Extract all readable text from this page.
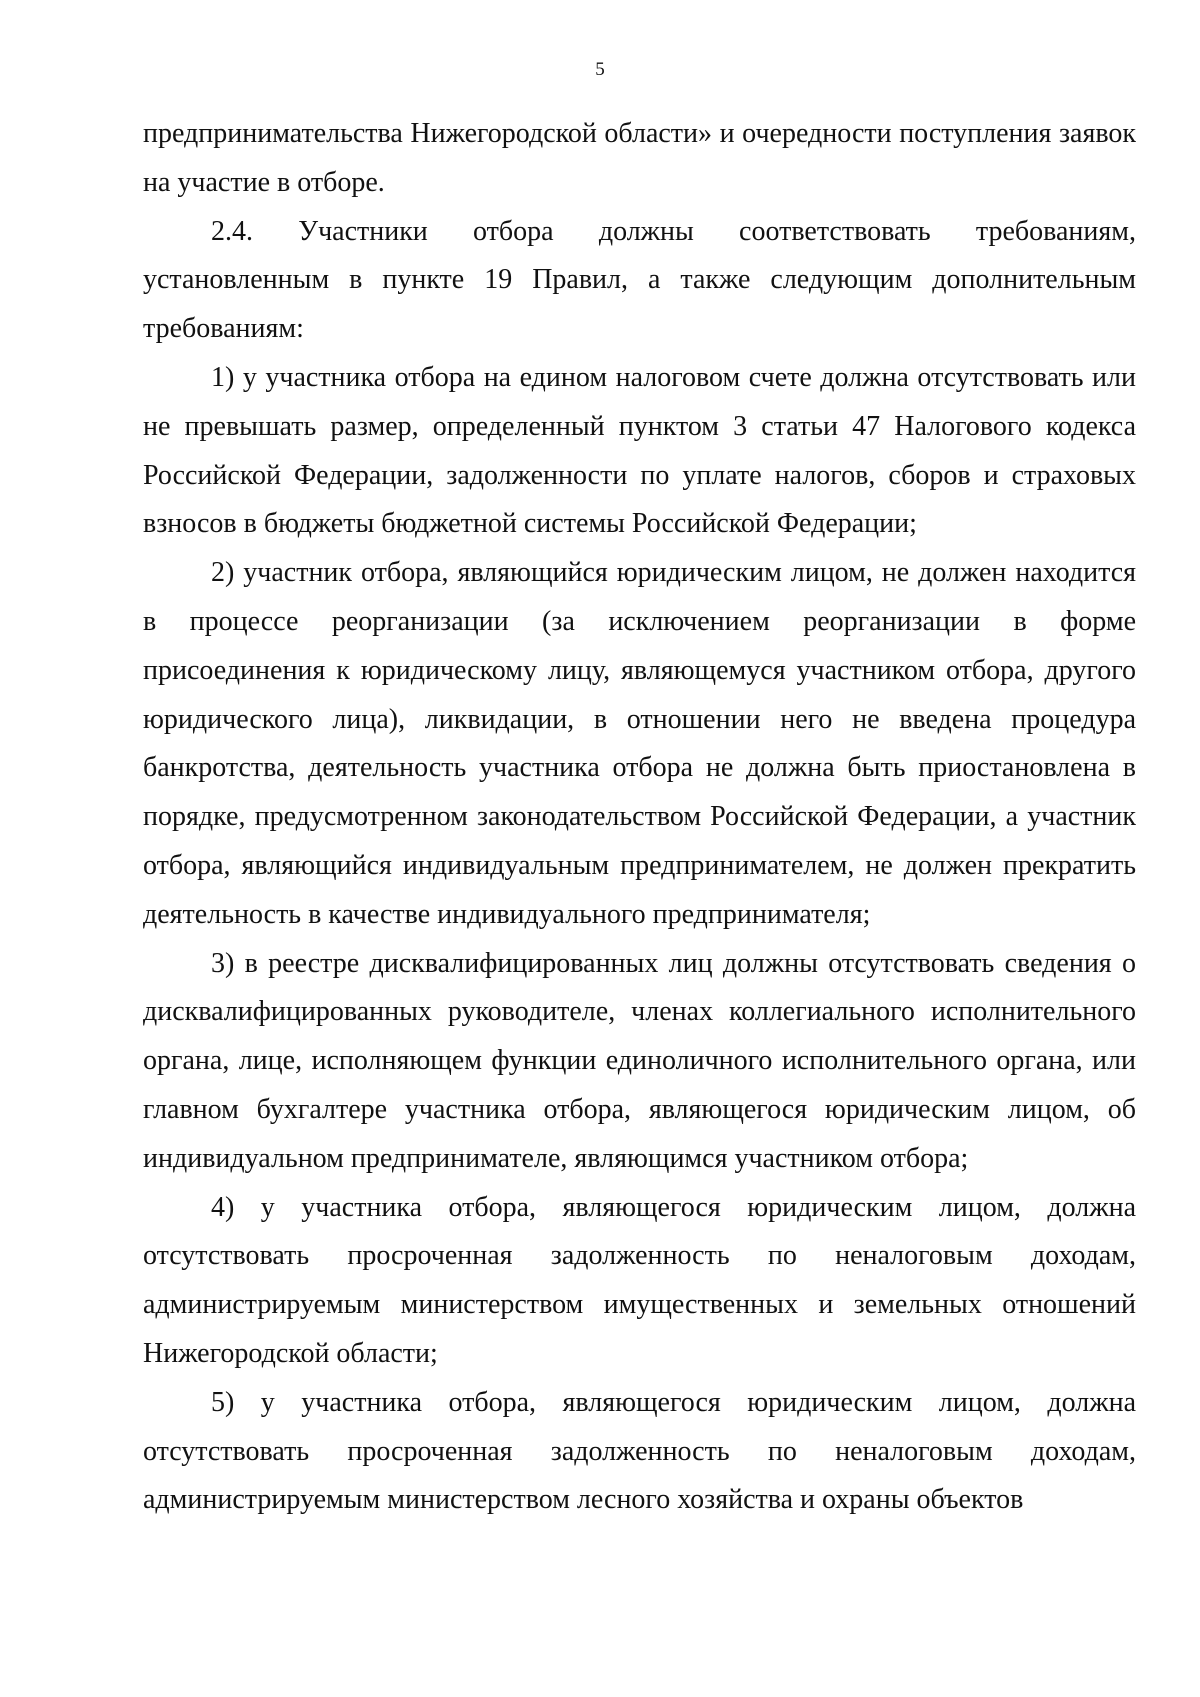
5

предпринимательства Нижегородской области» и очередности поступления заявок на участие в отборе.

2.4. Участники отбора должны соответствовать требованиям, установленным в пункте 19 Правил, а также следующим дополнительным требованиям:

1) у участника отбора на едином налоговом счете должна отсутствовать или не превышать размер, определенный пунктом 3 статьи 47 Налогового кодекса Российской Федерации, задолженности по уплате налогов, сборов и страховых взносов в бюджеты бюджетной системы Российской Федерации;

2) участник отбора, являющийся юридическим лицом, не должен находится в процессе реорганизации (за исключением реорганизации в форме присоединения к юридическому лицу, являющемуся участником отбора, другого юридического лица), ликвидации, в отношении него не введена процедура банкротства, деятельность участника отбора не должна быть приостановлена в порядке, предусмотренном законодательством Российской Федерации, а участник отбора, являющийся индивидуальным предпринимателем, не должен прекратить деятельность в качестве индивидуального предпринимателя;

3) в реестре дисквалифицированных лиц должны отсутствовать сведения о дисквалифицированных руководителе, членах коллегиального исполнительного органа, лице, исполняющем функции единоличного исполнительного органа, или главном бухгалтере участника отбора, являющегося юридическим лицом, об индивидуальном предпринимателе, являющимся участником отбора;

4) у участника отбора, являющегося юридическим лицом, должна отсутствовать просроченная задолженность по неналоговым доходам, администрируемым министерством имущественных и земельных отношений Нижегородской области;

5) у участника отбора, являющегося юридическим лицом, должна отсутствовать просроченная задолженность по неналоговым доходам, администрируемым министерством лесного хозяйства и охраны объектов
